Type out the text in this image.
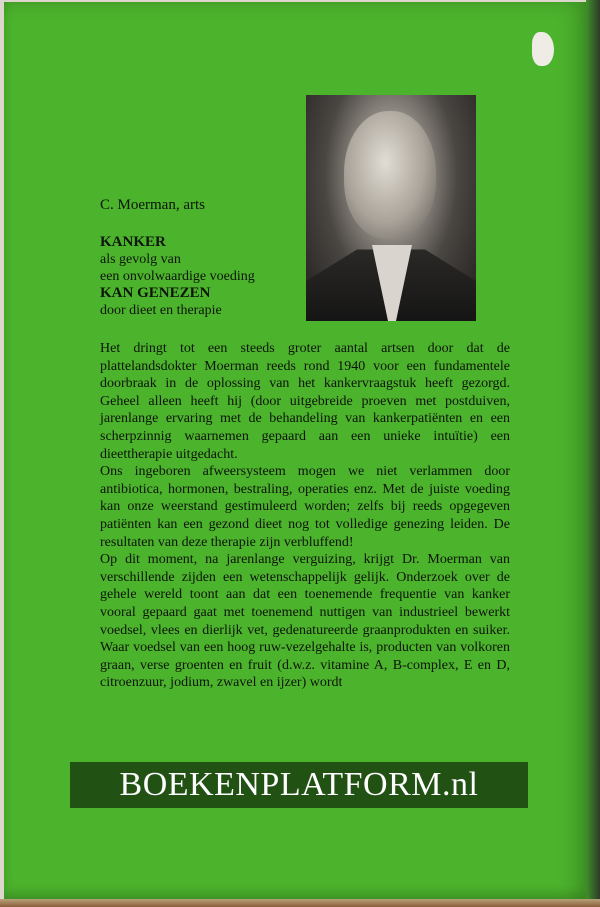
C. Moerman, arts
KANKER
als gevolg van
een onvolwaardige voeding
KAN GENEZEN
door dieet en therapie

Het dringt tot een steeds groter aantal artsen door dat de plattelandsdokter Moerman reeds rond 1940 voor een fundamentele doorbraak in de oplossing van het kankervraagstuk heeft gezorgd. Geheel alleen heeft hij (door uitgebreide proeven met postduiven, jarenlange ervaring met de behandeling van kankerpatiënten en een scherpzinnig waarnemen gepaard aan een unieke intuïtie) een dieettherapie uitgedacht.

Ons ingeboren afweersysteem mogen we niet verlammen door antibiotica, hormonen, bestraling, operaties enz. Met de juiste voeding kan onze weerstand gestimuleerd worden; zelfs bij reeds opgegeven patiënten kan een gezond dieet nog tot volledige genezing leiden. De resultaten van deze therapie zijn verbluffend!

Op dit moment, na jarenlange verguizing, krijgt Dr. Moerman van verschillende zijden een wetenschappelijk gelijk. Onderzoek over de gehele wereld toont aan dat een toenemende frequentie van kanker vooral gepaard gaat met toenemend nuttigen van industrieel bewerkt voedsel, vlees en dierlijk vet, gedenatureerde graanprodukten en suiker. Waar voedsel van een hoog ruw-vezelgehalte is, producten van volkoren graan, verse groenten en fruit (d.w.z. vitamine A, B-complex, E en D, citroenzuur, jodium, zwavel en ijzer) wordt

BOEKENPLATFORM.nl
